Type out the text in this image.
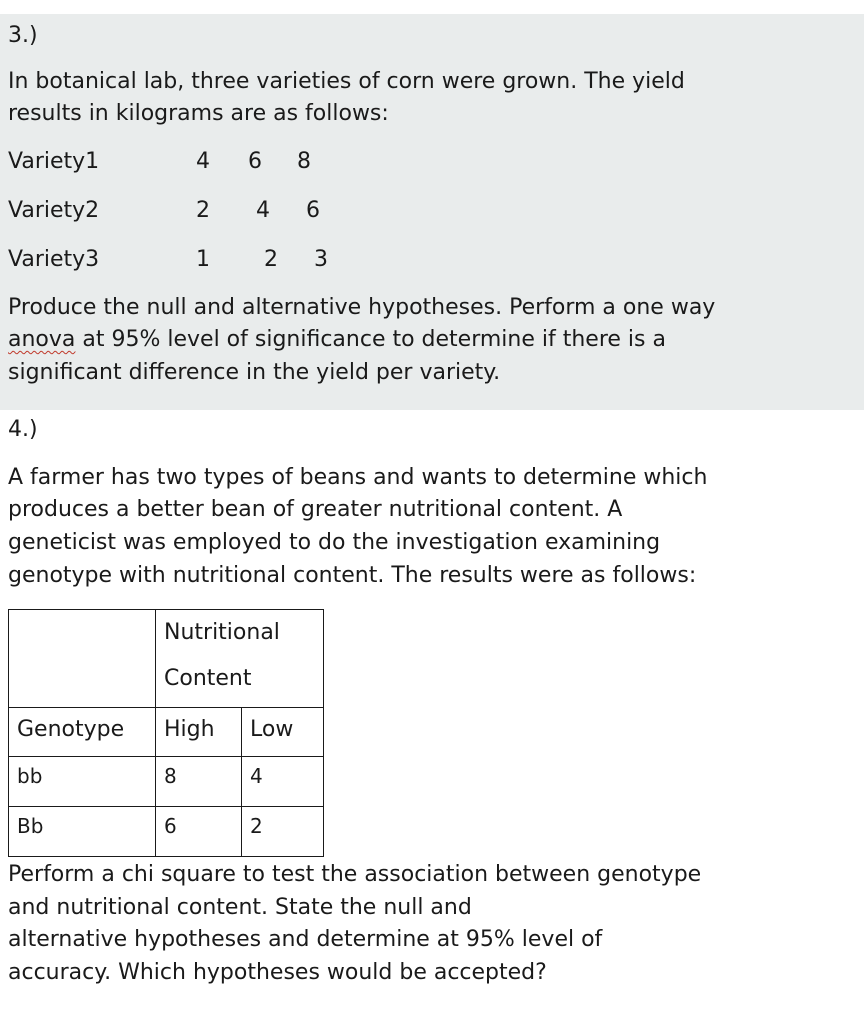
3.)
In botanical lab, three varieties of corn were grown. The yield
results in kilograms are as follows:
Variety1	4 6 8
Variety2	2 4 6
Variety3	1 2 3
Produce the null and alternative hypotheses. Perform a one way
anova at 95% level of significance to determine if there is a
significant difference in the yield per variety.
4.)
A farmer has two types of beans and wants to determine which
produces a better bean of greater nutritional content. A
geneticist was employed to do the investigation examining
genotype with nutritional content. The results were as follows:

	Nutritional
Content	

Genotype	High	Low
bb	8	4
Bb	6	2
Perform a chi square to test the association between genotype
and nutritional content. State the null and
alternative hypotheses and determine at 95% level of
accuracy. Which hypotheses would be accepted?
